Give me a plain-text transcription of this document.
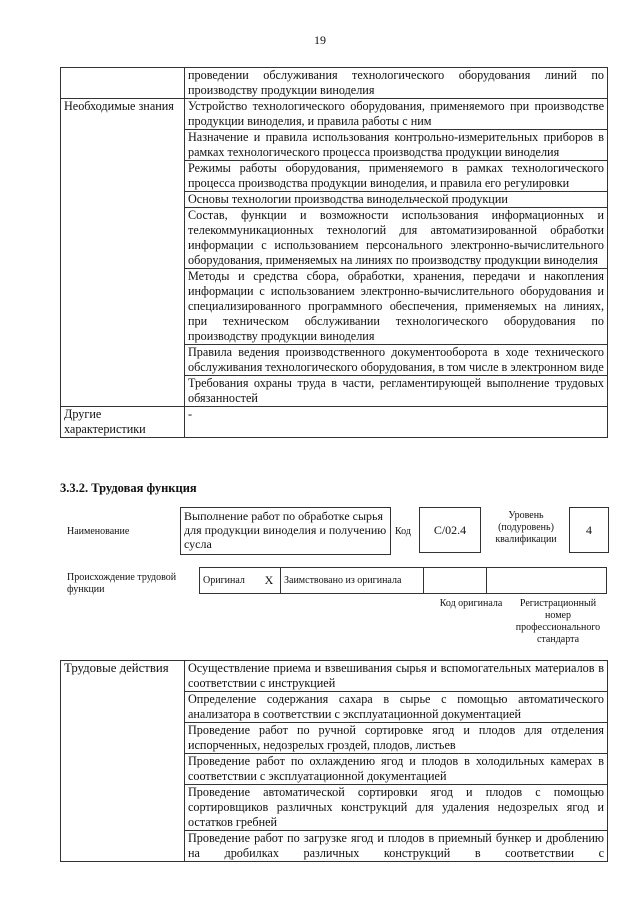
19
	проведении обслуживания технологического оборудования линий по производству продукции виноделия
Необходимые знания	Устройство технологического оборудования, применяемого при производстве продукции виноделия, и правила работы с ним
	Назначение и правила использования контрольно-измерительных приборов в рамках технологического процесса производства продукции виноделия
	Режимы работы оборудования, применяемого в рамках технологического процесса производства продукции виноделия, и правила его регулировки
	Основы технологии производства винодельческой продукции
	Состав, функции и возможности использования информационных и телекоммуникационных технологий для автоматизированной обработки информации с использованием персонального электронно-вычислительного оборудования, применяемых на линиях по производству продукции виноделия
	Методы и средства сбора, обработки, хранения, передачи и накопления информации с использованием электронно-вычислительного оборудования и специализированного программного обеспечения, применяемых на линиях, при техническом обслуживании технологического оборудования по производству продукции виноделия
	Правила ведения производственного документооборота в ходе технического обслуживания технологического оборудования, в том числе в электронном виде
	Требования охраны труда в части, регламентирующей выполнение трудовых обязанностей
Другие характеристики	-
3.3.2. Трудовая функция
Наименование
Выполнение работ по обработке сырья для продукции виноделия и получению сусла
Код	С/02.4
Уровень (подуровень) квалификации
4
Происхождение трудовой функции
Оригинал	X	Заимствовано из оригинала		
Код оригинала	Регистрационный номер профессионального стандарта
Трудовые действия	Осуществление приема и взвешивания сырья и вспомогательных материалов в соответствии с инструкцией
Определение содержания сахара в сырье с помощью автоматического анализатора в соответствии с эксплуатационной документацией
Проведение работ по ручной сортировке ягод и плодов для отделения испорченных, недозрелых гроздей, плодов, листьев
Проведение работ по охлаждению ягод и плодов в холодильных камерах в соответствии с эксплуатационной документацией
Проведение автоматической сортировки ягод и плодов с помощью сортировщиков различных конструкций для удаления недозрелых ягод и остатков гребней
Проведение работ по загрузке ягод и плодов в приемный бункер и дроблению на дробилках различных конструкций в соответствии с
